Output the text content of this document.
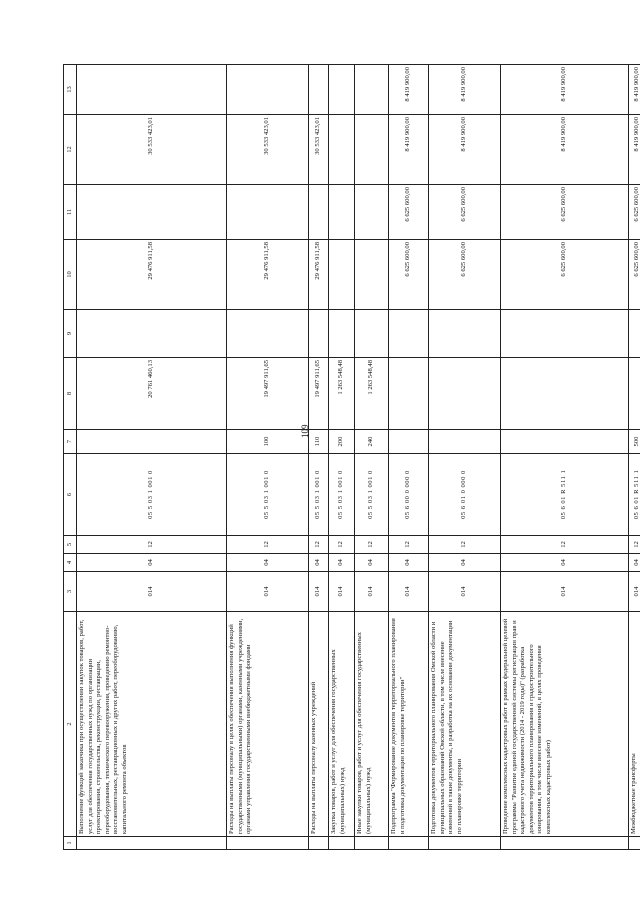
109
1	2	3	4	5	6	7	8	9	10	11	12	13
	Выполнение функций заказчика при осуществлении закупок товаров, работ, услуг для обеспечения государственных нужд по организации проектирования, строительства, реконструкции, реставрации, переоборудования, технического перевооружения, проведению ремонтно-восстановительных, реставрационных и других работ, переоборудованию, капитального ремонта объектов	014	04	12	05 5 03 1 001 0		20 761 460,13		29 476 911,58		30 533 423,01	
	Расходы на выплаты персоналу в целях обеспечения выполнения функций государственными (муниципальными) органами, казенными учреждениями, органами управления государственными внебюджетными фондами	014	04	12	05 5 03 1 001 0	100	19 497 911,65		29 476 911,58		30 533 423,01	
	Расходы на выплаты персоналу казенных учреждений	014	04	12	05 5 03 1 001 0	110	19 497 911,65		29 476 911,58		30 533 423,01	
	Закупка товаров, работ и услуг для обеспечения государственных (муниципальных) нужд	014	04	12	05 5 03 1 001 0	200	1 263 548,48					
	Иные закупки товаров, работ и услуг для обеспечения государственных (муниципальных) нужд	014	04	12	05 5 03 1 001 0	240	1 263 548,48					
	Подпрограмма "Формирование документов территориального планирования и подготовка документации по планировке территории"	014	04	12	05 6 00 0 000 0				6 625 600,00	6 625 600,00	8 419 900,00	8 419 900,00
	Подготовка документов территориального планирования Омской области и муниципальных образований Омской области, в том числе внесение изменений в такие документы, и разработка на их основании документации по планировке территории	014	04	12	05 6 01 0 000 0				6 625 600,00	6 625 600,00	8 419 900,00	8 419 900,00
	Проведение комплексных кадастровых работ в рамках федеральной целевой программы "Развитие единой государственной системы регистрации прав и кадастрового учета недвижимости (2014 - 2019 годы)" (разработка документов территориального планирования и градостроительного зонирования, в том числе внесение изменений, в целях проведения комплексных кадастровых работ)	014	04	12	05 6 01 R 511 1				6 625 600,00	6 625 600,00	8 419 900,00	8 419 900,00
	Межбюджетные трансферты	014	04	12	05 6 01 R 511 1	500			6 625 600,00	6 625 600,00	8 419 900,00	8 419 900,00
